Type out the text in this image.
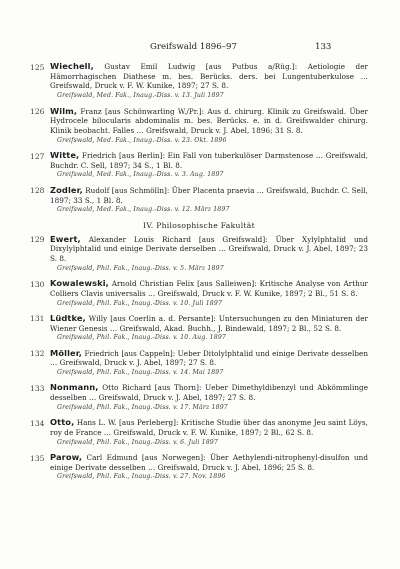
Greifswald 1896–97	133
125 Wiechell, Gustav Emil Ludwig [aus Putbus a/Rüg.]: Aetiologie der Hämorrhagischen Diathese m. bes. Berücks. ders. bei Lungentuberkulose … Greifswald, Druck v. F. W. Kunike, 1897; 27 S. 8.
Greifswald, Med. Fak., Inaug.-Diss. v. 13. Juli 1897
126 Wilm, Franz [aus Schönwarling W./Pr.]: Aus d. chirurg. Klinik zu Greifswald. Über Hydrocele bilocularis abdominalis m. bes. Berücks. e. in d. Greifswalder chirurg. Klinik beobacht. Falles … Greifswald, Druck v. J. Abel, 1896; 31 S. 8.
Greifswald, Med. Fak., Inaug.-Diss. v. 23. Okt. 1896
127 Witte, Friedrich [aus Berlin]: Ein Fall von tuberkulöser Darmstenose … Greifswald, Buchdr. C. Sell, 1897; 34 S., 1 Bl. 8.
Greifswald, Med. Fak., Inaug.-Diss. v. 3. Aug. 1897
128 Zodler, Rudolf [aus Schmölln]: Über Placenta praevia … Greifswald, Buchdr. C. Sell, 1897; 33 S., 1 Bl. 8.
Greifswald, Med. Fak., Inaug.-Diss. v. 12. März 1897
IV. Philosophische Fakultät
129 Ewert, Alexander Louis Richard [aus Greifswald]: Über Xylylphtalid und Dixylylphtalid und einige Derivate derselben … Greifswald, Druck v. J. Abel, 1897; 23 S. 8.
Greifswald, Phil. Fak., Inaug.-Diss. v. 5. März 1897
130 Kowalewski, Arnold Christian Felix [aus Salleiwen]: Kritische Analyse von Arthur Colliers Clavis universalis … Greifswald, Druck v. F. W. Kunike, 1897; 2 Bl., 51 S. 8.
Greifswald, Phil. Fak., Inaug.-Diss. v. 10. Juli 1897
131 Lüdtke, Willy [aus Coerlin a. d. Persante]: Untersuchungen zu den Miniaturen der Wiener Genesis … Greifswald, Akad. Buchh., J. Bindewald, 1897; 2 Bl., 52 S. 8.
Greifswald, Phil. Fak., Inaug.-Diss. v. 10. Aug. 1897
132 Möller, Friedrich [aus Cappeln]: Ueber Ditolylphtalid und einige Derivate desselben … Greifswald, Druck v. J. Abel, 1897; 27 S. 8.
Greifswald, Phil. Fak., Inaug.-Diss. v. 14. Mai 1897
133 Nonmann, Otto Richard [aus Thorn]: Ueber Dimethyldibenzyl und Abkömmlinge desselben … Greifswald, Druck v. J. Abel, 1897; 27 S. 8.
Greifswald, Phil. Fak., Inaug.-Diss. v. 17. März 1897
134 Otto, Hans L. W. [aus Perleberg]: Kritische Studie über das anonyme Jeu saint Löys, roy de France … Greifswald, Druck v. F. W. Kunike, 1897; 2 Bl., 62 S. 8.
Greifswald, Phil. Fak., Inaug.-Diss. v. 6. Juli 1897
135 Parow, Carl Edmund [aus Norwegen]: Über Aethylendi-nitrophenyl-disulfon und einige Derivate desselben … Greifswald, Druck v. J. Abel, 1896; 25 S. 8.
Greifswald, Phil. Fak., Inaug.-Diss. v. 27. Nov. 1896
